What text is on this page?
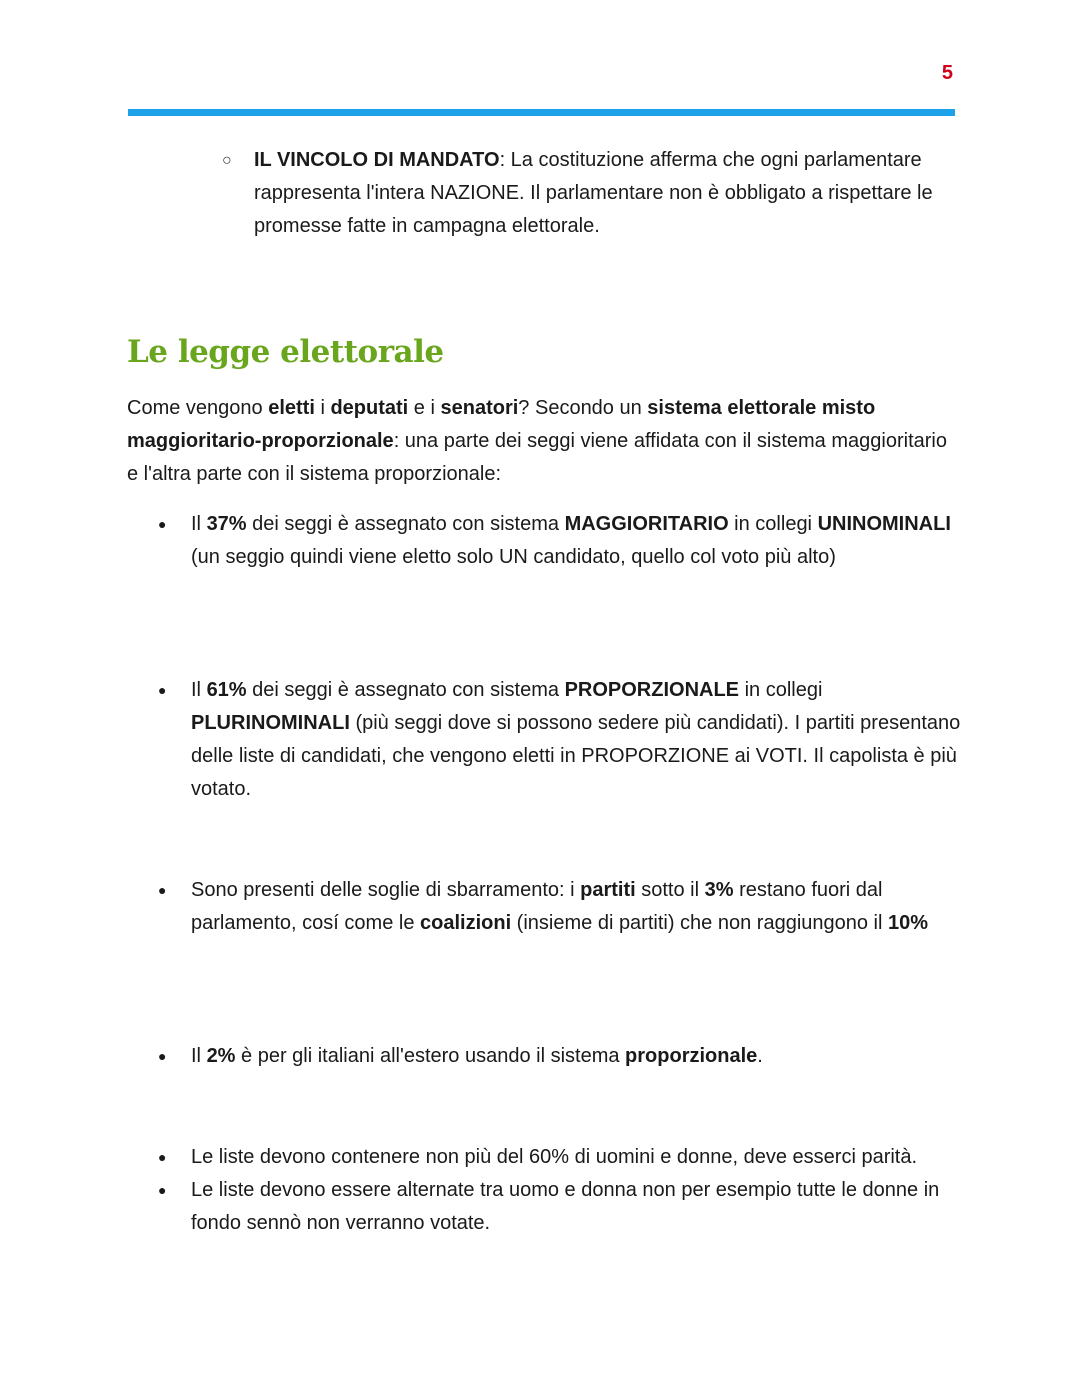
5
○ IL VINCOLO DI MANDATO: La costituzione afferma che ogni parlamentare rappresenta l'intera NAZIONE. Il parlamentare non è obbligato a rispettare le promesse fatte in campagna elettorale.
Le legge elettorale
Come vengono eletti i deputati e i senatori? Secondo un sistema elettorale misto maggioritario-proporzionale: una parte dei seggi viene affidata con il sistema maggioritario e l'altra parte con il sistema proporzionale:
● Il 37% dei seggi è assegnato con sistema MAGGIORITARIO in collegi UNINOMINALI (un seggio quindi viene eletto solo UN candidato, quello col voto più alto)
● Il 61% dei seggi è assegnato con sistema PROPORZIONALE in collegi PLURINOMINALI (più seggi dove si possono sedere più candidati). I partiti presentano delle liste di candidati, che vengono eletti in PROPORZIONE ai VOTI. Il capolista è più votato.
● Sono presenti delle soglie di sbarramento: i partiti sotto il 3% restano fuori dal parlamento, cosí come le coalizioni (insieme di partiti) che non raggiungono il 10%
● Il 2% è per gli italiani all'estero usando il sistema proporzionale.
● Le liste devono contenere non più del 60% di uomini e donne, deve esserci parità.
● Le liste devono essere alternate tra uomo e donna non per esempio tutte le donne in fondo sennò non verranno votate.
